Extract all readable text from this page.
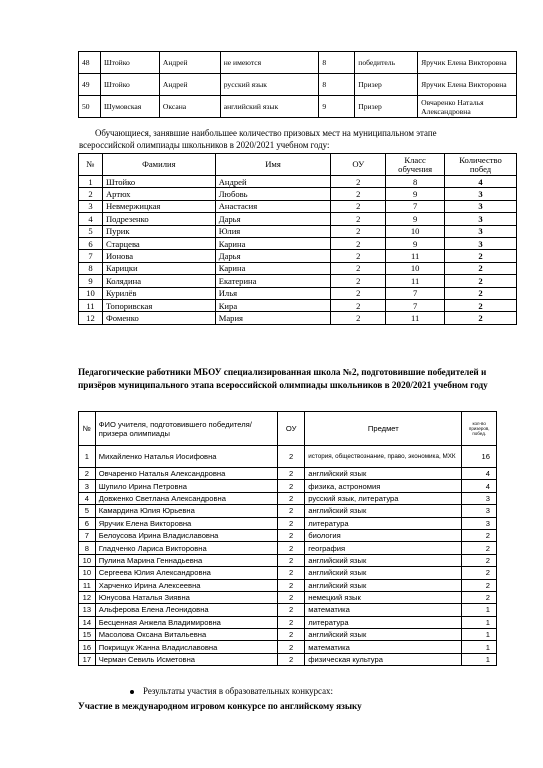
48	Штойко	Андрей	не имеются	8	победитель	Яручик Елена Викторовна
49	Штойко	Андрей	русский язык	8	Призер	Яручик Елена Викторовна
50	Шумовская	Оксана	английский язык	9	Призер	Овчаренко Наталья Александровна
Обучающиеся, занявшие наибольшее количество призовых мест на муниципальном этапе
всероссийской олимпиады школьников в 2020/2021 учебном году:
№	Фамилия	Имя	ОУ	Класс обучения	Количество побед
1	Штойко	Андрей	2	8	4
2	Артюх	Любовь	2	9	3
3	Невмержицкая	Анастасия	2	7	3
4	Подрезенко	Дарья	2	9	3
5	Пурик	Юлия	2	10	3
6	Старцева	Карина	2	9	3
7	Ионова	Дарья	2	11	2
8	Карицки	Карина	2	10	2
9	Колядина	Екатерина	2	11	2
10	Курилёв	Илья	2	7	2
11	Топоривская	Кира	2	7	2
12	Фоменко	Мария	2	11	2
Педагогические работники МБОУ специализированная школа №2, подготовившие победителей и призёров муниципального этапа всероссийской олимпиады школьников в 2020/2021 учебном году
№	ФИО учителя, подготовившего победителя/призера олимпиады	ОУ	Предмет	кол-во призеров, побед.
1	Михайленко Наталья Иосифовна	2	история, обществознание, право, экономика, МХК	16
2	Овчаренко Наталья Александровна	2	английский язык	4
3	Шупило Ирина Петровна	2	физика, астрономия	4
4	Довженко Светлана Александровна	2	русский язык, литература	3
5	Камардина Юлия Юрьевна	2	английский язык	3
6	Яручик Елена Викторовна	2	литература	3
7	Белоусова Ирина Владиславовна	2	биология	2
8	Гладченко Лариса Викторовна	2	география	2
10	Пулина Марина Геннадьевна	2	английский язык	2
10	Сергеева Юлия Александровна	2	английский язык	2
11	Харченко Ирина Алексеевна	2	английский язык	2
12	Юнусова Наталья Зиявна	2	немецкий язык	2
13	Альферова Елена Леонидовна	2	математика	1
14	Бесценная Анжела Владимировна	2	литература	1
15	Масолова Оксана Витальевна	2	английский язык	1
16	Покрищук Жанна Владиславовна	2	математика	1
17	Черман Севиль Исметовна	2	физическая культура	1
Результаты участия в образовательных конкурсах:
Участие в международном игровом конкурсе по английскому языку
